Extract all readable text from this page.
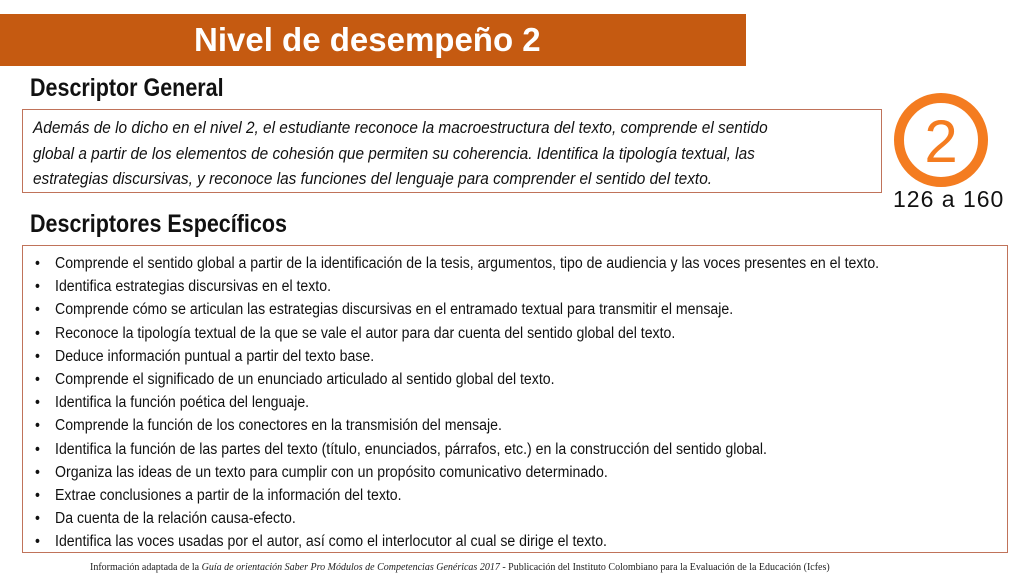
Nivel de desempeño 2
Descriptor General

Además de lo dicho en el nivel 2, el estudiante reconoce la macroestructura del texto, comprende el sentido global a partir de los elementos de cohesión que permiten su coherencia. Identifica la tipología textual, las estrategias discursivas, y reconoce las funciones del lenguaje para comprender el sentido del texto.

2
126 a 160
Descriptores Específicos
• Comprende el sentido global a partir de la identificación de la tesis, argumentos, tipo de audiencia y las voces presentes en el texto.
• Identifica estrategias discursivas en el texto.
• Comprende cómo se articulan las estrategias discursivas en el entramado textual para transmitir el mensaje.
• Reconoce la tipología textual de la que se vale el autor para dar cuenta del sentido global del texto.
• Deduce información puntual a partir del texto base.
• Comprende el significado de un enunciado articulado al sentido global del texto.
• Identifica la función poética del lenguaje.
• Comprende la función de los conectores en la transmisión del mensaje.
• Identifica la función de las partes del texto (título, enunciados, párrafos, etc.) en la construcción del sentido global.
• Organiza las ideas de un texto para cumplir con un propósito comunicativo determinado.
• Extrae conclusiones a partir de la información del texto.
• Da cuenta de la relación causa-efecto.
• Identifica las voces usadas por el autor, así como el interlocutor al cual se dirige el texto.
Información adaptada de la Guía de orientación Saber Pro Módulos de Competencias Genéricas 2017 - Publicación del Instituto Colombiano para la Evaluación de la Educación (Icfes)
